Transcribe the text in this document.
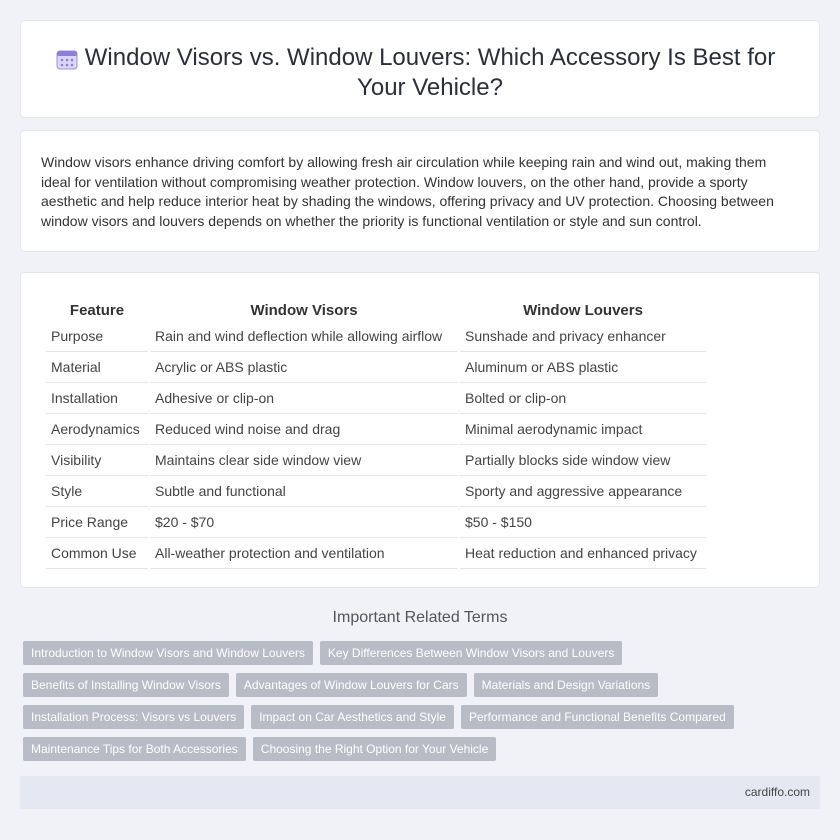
Window Visors vs. Window Louvers: Which Accessory Is Best for Your Vehicle?

Window visors enhance driving comfort by allowing fresh air circulation while keeping rain and wind out, making them ideal for ventilation without compromising weather protection. Window louvers, on the other hand, provide a sporty aesthetic and help reduce interior heat by shading the windows, offering privacy and UV protection. Choosing between window visors and louvers depends on whether the priority is functional ventilation or style and sun control.

Feature	Window Visors	Window Louvers
Purpose	Rain and wind deflection while allowing airflow	Sunshade and privacy enhancer
Material	Acrylic or ABS plastic	Aluminum or ABS plastic
Installation	Adhesive or clip-on	Bolted or clip-on
Aerodynamics	Reduced wind noise and drag	Minimal aerodynamic impact
Visibility	Maintains clear side window view	Partially blocks side window view
Style	Subtle and functional	Sporty and aggressive appearance
Price Range	$20 - $70	$50 - $150
Common Use	All-weather protection and ventilation	Heat reduction and enhanced privacy
Important Related Terms
Introduction to Window Visors and Window Louvers	Key Differences Between Window Visors and Louvers
Benefits of Installing Window Visors	Advantages of Window Louvers for Cars	Materials and Design Variations
Installation Process: Visors vs Louvers	Impact on Car Aesthetics and Style	Performance and Functional Benefits Compared
Maintenance Tips for Both Accessories	Choosing the Right Option for Your Vehicle
cardiffo.com
